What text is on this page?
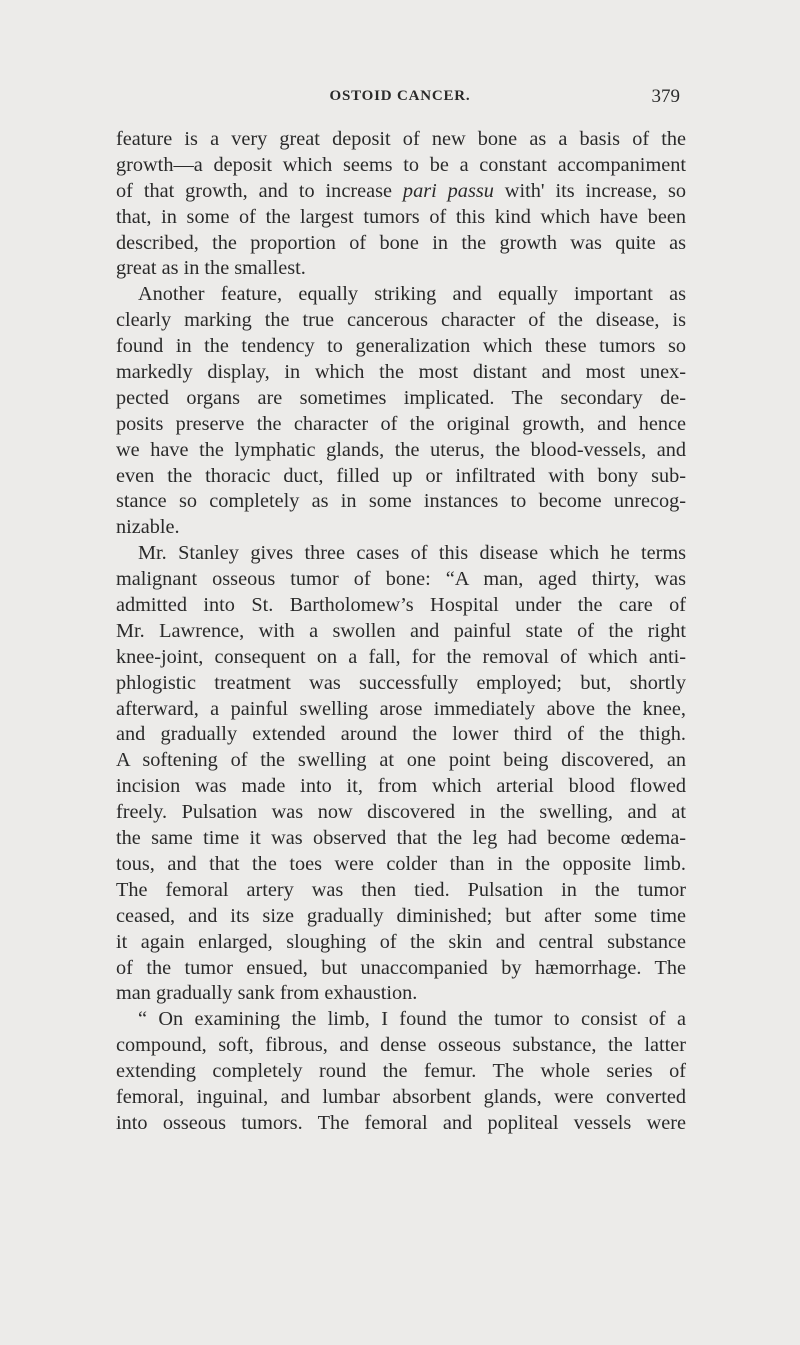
OSTOID CANCER.	379
feature is a very great deposit of new bone as a basis of the
growth—a deposit which seems to be a constant accompaniment
of that growth, and to increase pari passu with' its increase, so
that, in some of the largest tumors of this kind which have been
described, the proportion of bone in the growth was quite as
great as in the smallest.
Another feature, equally striking and equally important as
clearly marking the true cancerous character of the disease, is
found in the tendency to generalization which these tumors so
markedly display, in which the most distant and most unex-
pected organs are sometimes implicated. The secondary de-
posits preserve the character of the original growth, and hence
we have the lymphatic glands, the uterus, the blood-vessels, and
even the thoracic duct, filled up or infiltrated with bony sub-
stance so completely as in some instances to become unrecog-
nizable.
Mr. Stanley gives three cases of this disease which he terms
malignant osseous tumor of bone: “A man, aged thirty, was
admitted into St. Bartholomew’s Hospital under the care of
Mr. Lawrence, with a swollen and painful state of the right
knee-joint, consequent on a fall, for the removal of which anti-
phlogistic treatment was successfully employed; but, shortly
afterward, a painful swelling arose immediately above the knee,
and gradually extended around the lower third of the thigh.
A softening of the swelling at one point being discovered, an
incision was made into it, from which arterial blood flowed
freely. Pulsation was now discovered in the swelling, and at
the same time it was observed that the leg had become œdema-
tous, and that the toes were colder than in the opposite limb.
The femoral artery was then tied. Pulsation in the tumor
ceased, and its size gradually diminished; but after some time
it again enlarged, sloughing of the skin and central substance
of the tumor ensued, but unaccompanied by hæmorrhage. The
man gradually sank from exhaustion.
“ On examining the limb, I found the tumor to consist of a
compound, soft, fibrous, and dense osseous substance, the latter
extending completely round the femur. The whole series of
femoral, inguinal, and lumbar absorbent glands, were converted
into osseous tumors. The femoral and popliteal vessels were
